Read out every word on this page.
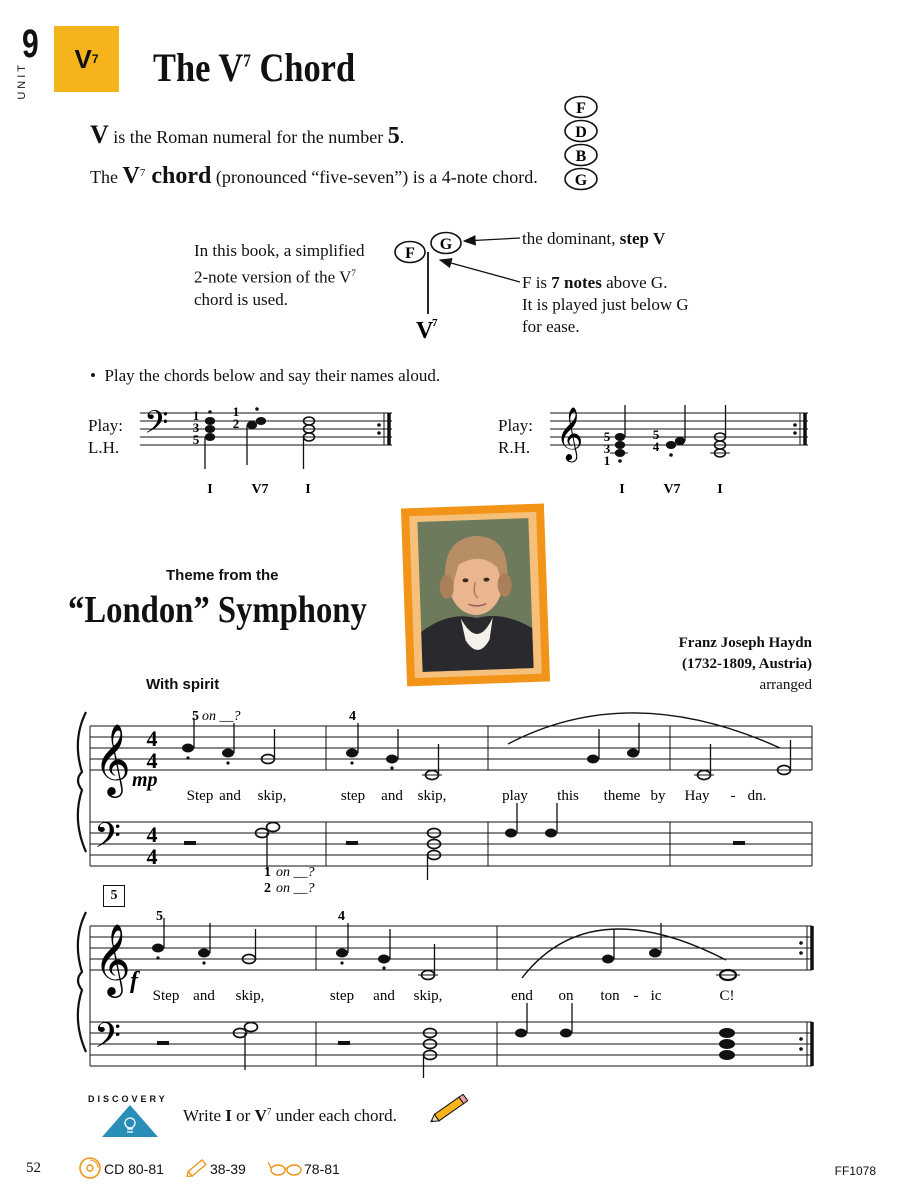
9
UNIT
V 7 The $V^7$ Chord
V is the Roman numeral for the number 5.
The $V^7$ chord (pronounced “five-seven”) is a 4-note chord.
F
D
B
G
In this book, a simplified
2-note version of the $V^7$
chord is used.
G
F
V
7
the dominant, step V
F is 7 notes above G.
It is played just below G
for ease.
• Play the chords below and say their names aloud.
Play:
L.H. 𝄢 1
3
5
1
2
I	V7	I
Play:
R.H. 𝄞 5
3
1
5
4
I	V7	I
Theme from the
“London” Symphony
Franz Joseph Haydn
(1732-1809, Austria)
arranged
With spirit
𝄞
𝄢
4
4
4
4
5 on __?	4
mp
1 on __?
2 on __?
Step and skip,	step and skip,	play this theme by Hay - dn.
5
𝄞
𝄢
5	4
f
Step and skip,	step and skip,	end on ton - ic	C!
DISCOVERY
Write I or $V^7$ under each chord.
52	CD 80-81	38-39	78-81	FF1078
